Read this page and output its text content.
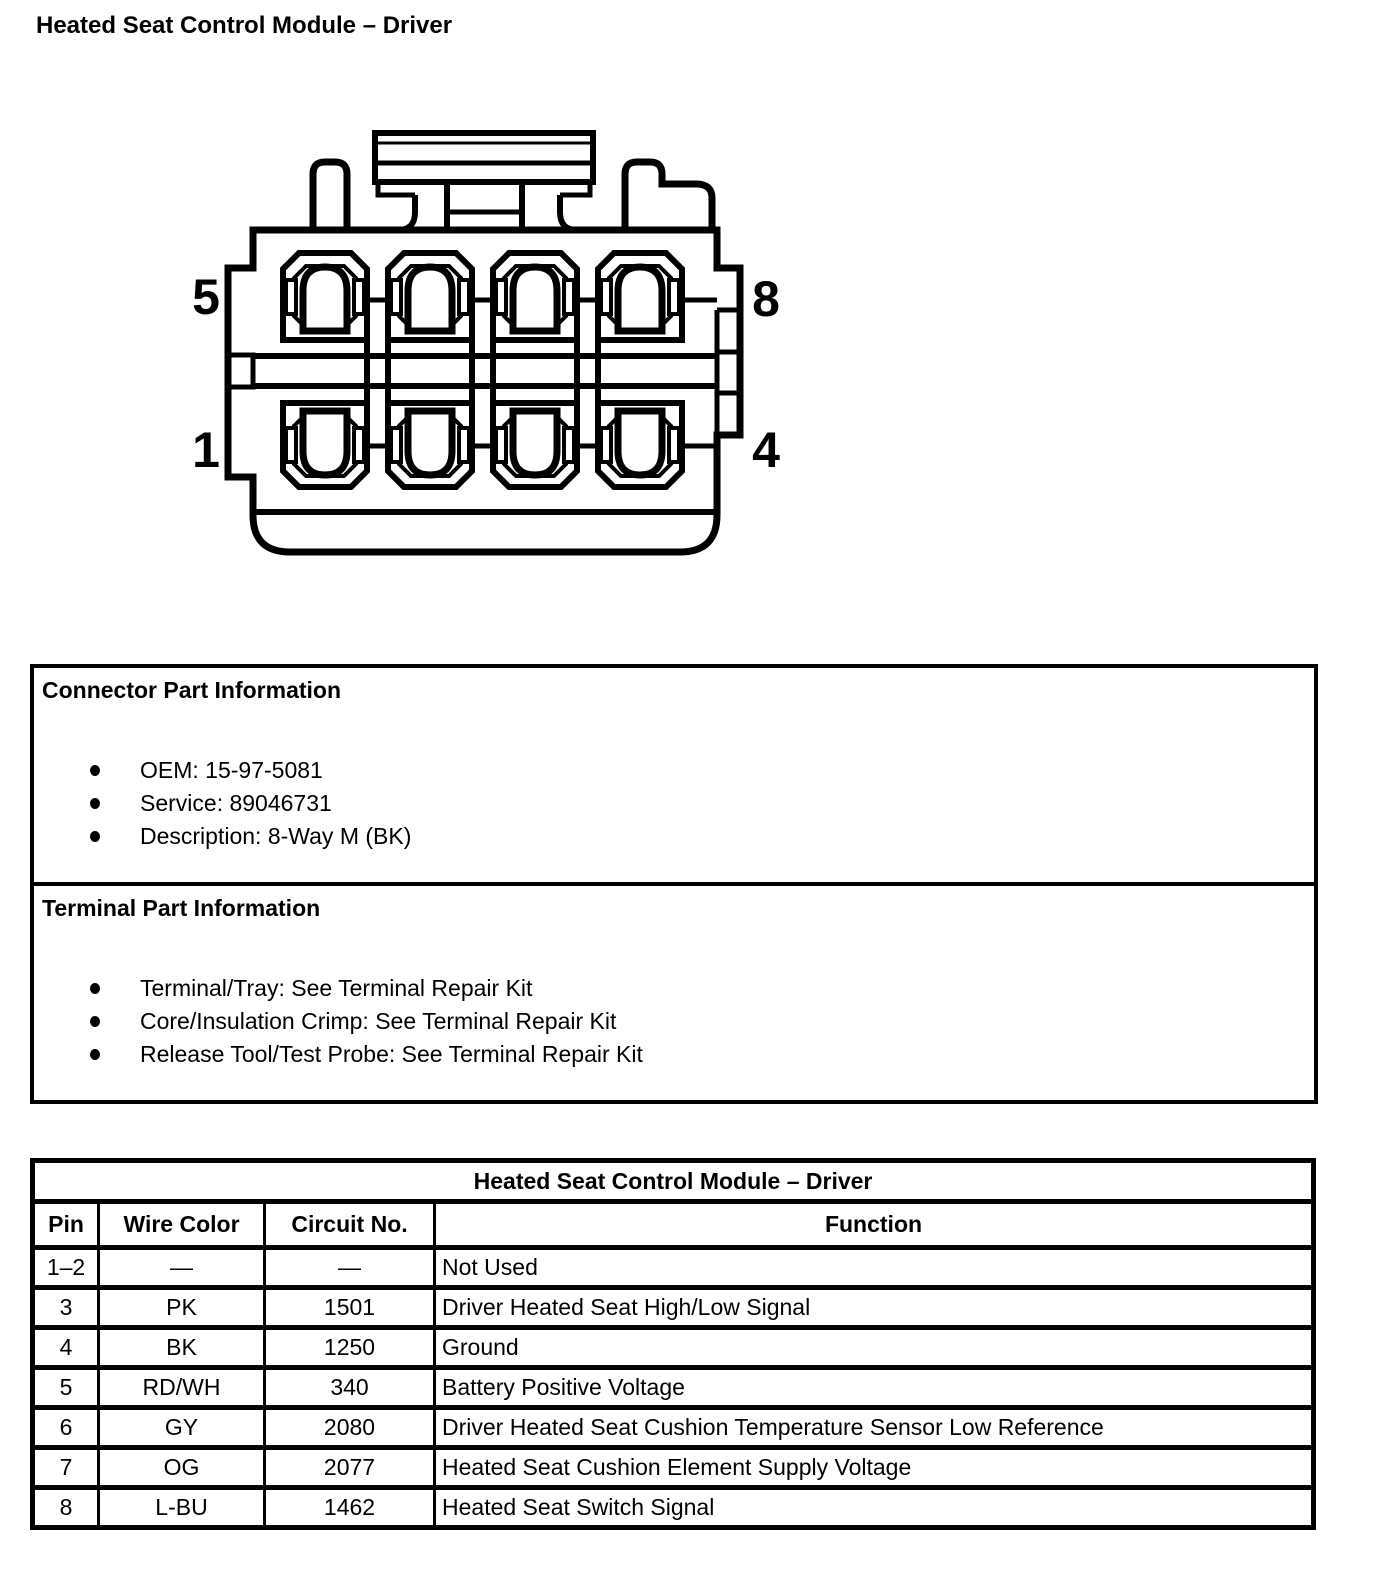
Heated Seat Control Module – Driver
5	8
1	4
Connector Part Information
OEM: 15-97-5081
Service: 89046731
Description: 8-Way M (BK)
Terminal Part Information
Terminal/Tray: See Terminal Repair Kit
Core/Insulation Crimp: See Terminal Repair Kit
Release Tool/Test Probe: See Terminal Repair Kit
Heated Seat Control Module – Driver			
Pin	Wire Color	Circuit No.	Function
1–2	—	—	Not Used
3	PK	1501	Driver Heated Seat High/Low Signal
4	BK	1250	Ground
5	RD/WH	340	Battery Positive Voltage
6	GY	2080	Driver Heated Seat Cushion Temperature Sensor Low Reference
7	OG	2077	Heated Seat Cushion Element Supply Voltage
8	L-BU	1462	Heated Seat Switch Signal
